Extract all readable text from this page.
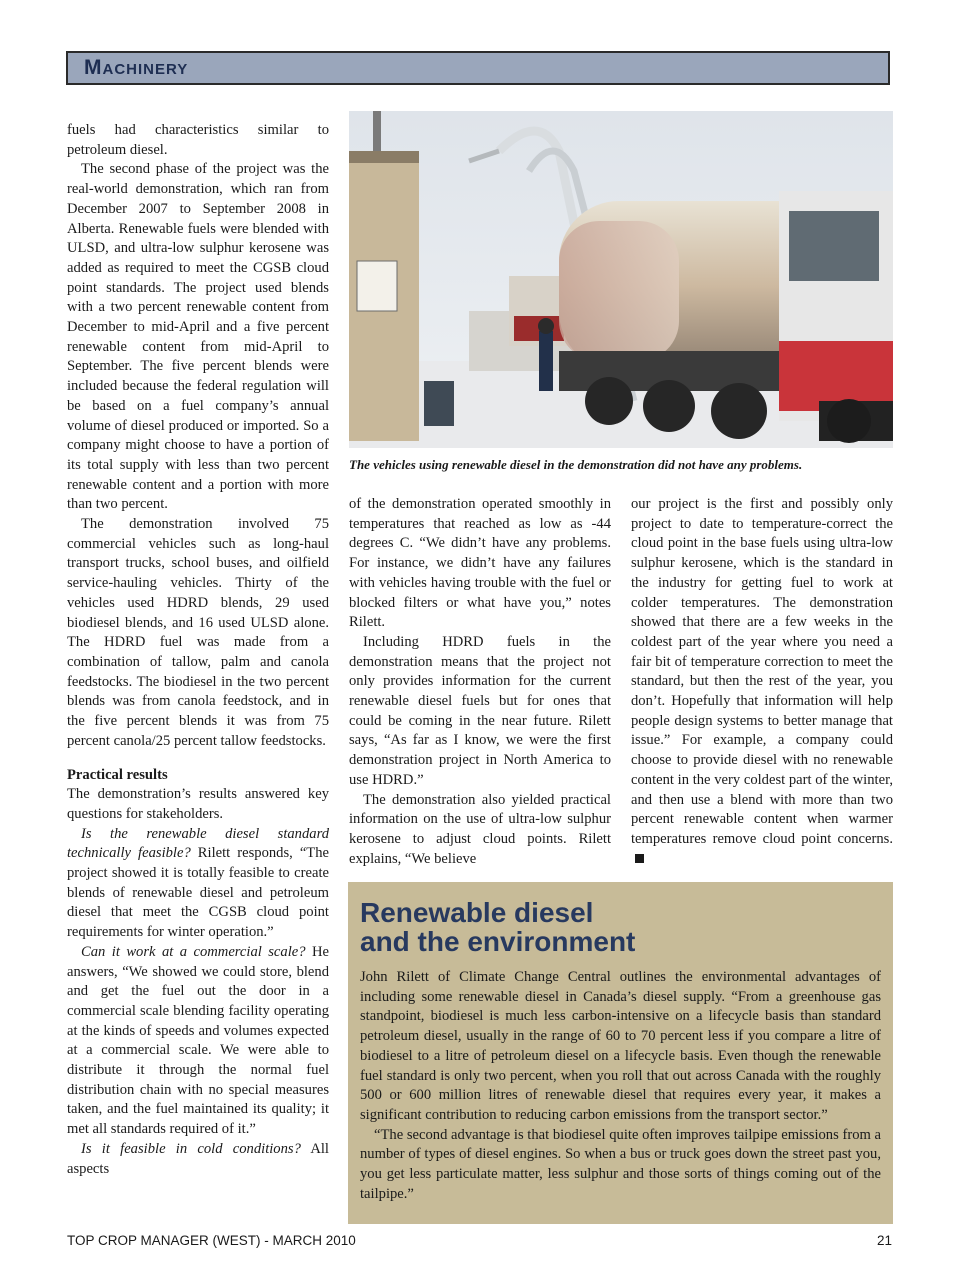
Machinery

fuels had characteristics similar to petroleum diesel.

The second phase of the project was the real-world demonstration, which ran from December 2007 to September 2008 in Alberta. Renewable fuels were blended with ULSD, and ultra-low sulphur kerosene was added as required to meet the CGSB cloud point standards. The project used blends with a two percent renewable content from December to mid-April and a five percent renewable content from mid-April to September. The five percent blends were included because the federal regulation will be based on a fuel company’s annual volume of diesel produced or imported. So a company might choose to have a portion of its total supply with less than two percent renewable content and a portion with more than two percent.

The demonstration involved 75 commercial vehicles such as long-haul transport trucks, school buses, and oilfield service-hauling vehicles. Thirty of the vehicles used HDRD blends, 29 used biodiesel blends, and 16 used ULSD alone. The HDRD fuel was made from a combination of tallow, palm and canola feedstocks. The biodiesel in the two percent blends was from canola feedstock, and in the five percent blends it was from 75 percent canola/25 percent tallow feedstocks.

Practical results

The demonstration’s results answered key questions for stakeholders.

Is the renewable diesel standard technically feasible? Rilett responds, “The project showed it is totally feasible to create blends of renewable diesel and petroleum diesel that meet the CGSB cloud point requirements for winter operation.”

Can it work at a commercial scale? He answers, “We showed we could store, blend and get the fuel out the door in a commercial scale blending facility operating at the kinds of speeds and volumes expected at a commercial scale. We were able to distribute it through the normal fuel distribution chain with no special measures taken, and the fuel maintained its quality; it met all standards required of it.”

Is it feasible in cold conditions? All aspects

The vehicles using renewable diesel in the demonstration did not have any problems.

of the demonstration operated smoothly in temperatures that reached as low as -44 degrees C. “We didn’t have any problems. For instance, we didn’t have any failures with vehicles having trouble with the fuel or blocked filters or what have you,” notes Rilett.

Including HDRD fuels in the demonstration means that the project not only provides information for the current renewable diesel fuels but for ones that could be coming in the near future. Rilett says, “As far as I know, we were the first demonstration project in North America to use HDRD.”

The demonstration also yielded practical information on the use of ultra-low sulphur kerosene to adjust cloud points. Rilett explains, “We believe

our project is the first and possibly only project to date to temperature-correct the cloud point in the base fuels using ultra-low sulphur kerosene, which is the standard in the industry for getting fuel to work at colder temperatures. The demonstration showed that there are a few weeks in the coldest part of the year where you need a fair bit of temperature correction to meet the standard, but then the rest of the year, you don’t. Hopefully that information will help people design systems to better manage that issue.” For example, a company could choose to provide diesel with no renewable content in the very coldest part of the winter, and then use a blend with more than two percent renewable content when warmer temperatures remove cloud point concerns.

Renewable diesel
and the environment

John Rilett of Climate Change Central outlines the environmental advantages of including some renewable diesel in Canada’s diesel supply. “From a greenhouse gas standpoint, biodiesel is much less carbon-intensive on a lifecycle basis than standard petroleum diesel, usually in the range of 60 to 70 percent less if you compare a litre of biodiesel to a litre of petroleum diesel on a lifecycle basis. Even though the renewable fuel standard is only two percent, when you roll that out across Canada with the roughly 500 or 600 million litres of renewable diesel that requires every year, it makes a significant contribution to reducing carbon emissions from the transport sector.”

“The second advantage is that biodiesel quite often improves tailpipe emissions from a number of types of diesel engines. So when a bus or truck goes down the street past you, you get less particulate matter, less sulphur and those sorts of things coming out of the tailpipe.”

TOP CROP MANAGER (WEST) - MARCH 2010	21
